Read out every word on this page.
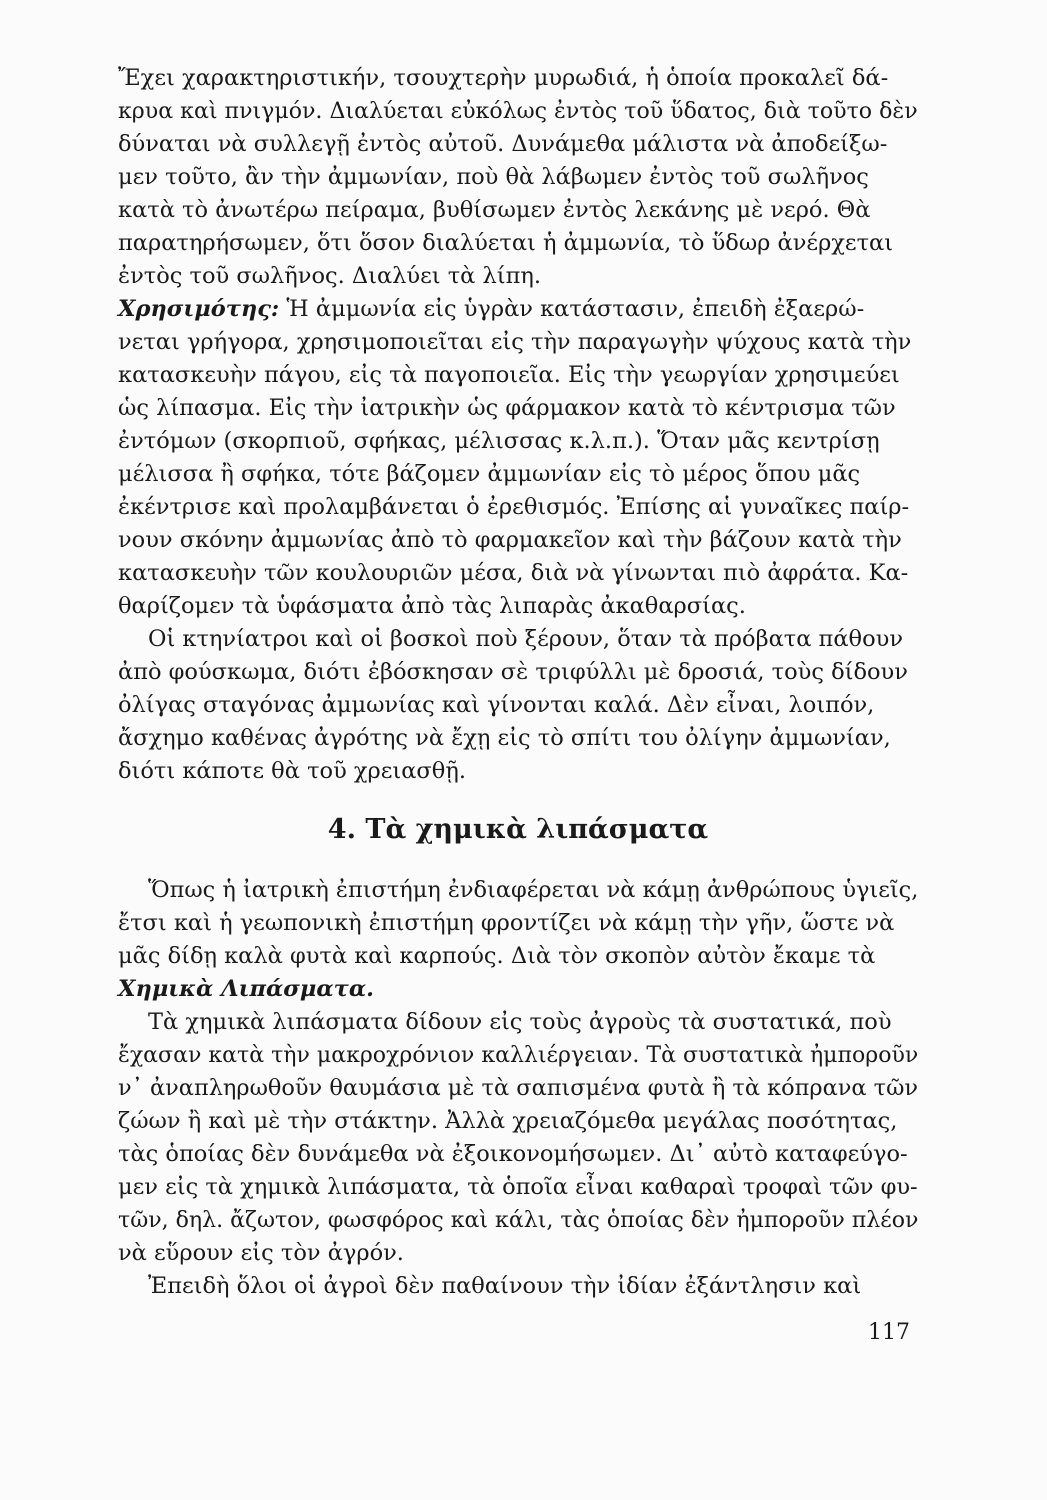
Ἔχει χαρακτηριστικήν, τσουχτερὴν μυρωδιά, ἡ ὁποία προκαλεῖ δά-
κρυα καὶ πνιγμόν. Διαλύεται εὐκόλως ἐντὸς τοῦ ὕδατος, διὰ τοῦτο δὲν
δύναται νὰ συλλεγῇ ἐντὸς αὐτοῦ. Δυνάμεθα μάλιστα νὰ ἀποδείξω-
μεν τοῦτο, ἂν τὴν ἀμμωνίαν, ποὺ θὰ λάβωμεν ἐντὸς τοῦ σωλῆνος
κατὰ τὸ ἀνωτέρω πείραμα, βυθίσωμεν ἐντὸς λεκάνης μὲ νερό. Θὰ
παρατηρήσωμεν, ὅτι ὅσον διαλύεται ἡ ἀμμωνία, τὸ ὕδωρ ἀνέρχεται
ἐντὸς τοῦ σωλῆνος. Διαλύει τὰ λίπη.
Χρησιμότης: Ἡ ἀμμωνία εἰς ὑγρὰν κατάστασιν, ἐπειδὴ ἐξαερώ-
νεται γρήγορα, χρησιμοποιεῖται εἰς τὴν παραγωγὴν ψύχους κατὰ τὴν
κατασκευὴν πάγου, εἰς τὰ παγοποιεῖα. Εἰς τὴν γεωργίαν χρησιμεύει
ὡς λίπασμα. Εἰς τὴν ἰατρικὴν ὡς φάρμακον κατὰ τὸ κέντρισμα τῶν
ἐντόμων (σκορπιοῦ, σφήκας, μέλισσας κ.λ.π.). Ὅταν μᾶς κεντρίσῃ
μέλισσα ἢ σφήκα, τότε βάζομεν ἀμμωνίαν εἰς τὸ μέρος ὅπου μᾶς
ἐκέντρισε καὶ προλαμβάνεται ὁ ἐρεθισμός. Ἐπίσης αἱ γυναῖκες παίρ-
νουν σκόνην ἀμμωνίας ἀπὸ τὸ φαρμακεῖον καὶ τὴν βάζουν κατὰ τὴν
κατασκευὴν τῶν κουλουριῶν μέσα, διὰ νὰ γίνωνται πιὸ ἀφράτα. Κα-
θαρίζομεν τὰ ὑφάσματα ἀπὸ τὰς λιπαρὰς ἀκαθαρσίας.
Οἱ κτηνίατροι καὶ οἱ βοσκοὶ ποὺ ξέρουν, ὅταν τὰ πρόβατα πάθουν
ἀπὸ φούσκωμα, διότι ἐβόσκησαν σὲ τριφύλλι μὲ δροσιά, τοὺς δίδουν
ὀλίγας σταγόνας ἀμμωνίας καὶ γίνονται καλά. Δὲν εἶναι, λοιπόν,
ἄσχημο καθένας ἀγρότης νὰ ἔχῃ εἰς τὸ σπίτι του ὀλίγην ἀμμωνίαν,
διότι κάποτε θὰ τοῦ χρειασθῇ.
4. Τὰ χημικὰ λιπάσματα
Ὅπως ἡ ἰατρικὴ ἐπιστήμη ἐνδιαφέρεται νὰ κάμῃ ἀνθρώπους ὑγιεῖς,
ἔτσι καὶ ἡ γεωπονικὴ ἐπιστήμη φροντίζει νὰ κάμῃ τὴν γῆν, ὥστε νὰ
μᾶς δίδῃ καλὰ φυτὰ καὶ καρπούς. Διὰ τὸν σκοπὸν αὐτὸν ἔκαμε τὰ
Χημικὰ Λιπάσματα.
Τὰ χημικὰ λιπάσματα δίδουν εἰς τοὺς ἀγροὺς τὰ συστατικά, ποὺ
ἔχασαν κατὰ τὴν μακροχρόνιον καλλιέργειαν. Τὰ συστατικὰ ἠμποροῦν
ν᾽ ἀναπληρωθοῦν θαυμάσια μὲ τὰ σαπισμένα φυτὰ ἢ τὰ κόπρανα τῶν
ζώων ἢ καὶ μὲ τὴν στάκτην. Ἀλλὰ χρειαζόμεθα μεγάλας ποσότητας,
τὰς ὁποίας δὲν δυνάμεθα νὰ ἐξοικονομήσωμεν. Δι᾽ αὐτὸ καταφεύγο-
μεν εἰς τὰ χημικὰ λιπάσματα, τὰ ὁποῖα εἶναι καθαραὶ τροφαὶ τῶν φυ-
τῶν, δηλ. ἄζωτον, φωσφόρος καὶ κάλι, τὰς ὁποίας δὲν ἠμποροῦν πλέον
νὰ εὕρουν εἰς τὸν ἀγρόν.
Ἐπειδὴ ὅλοι οἱ ἀγροὶ δὲν παθαίνουν τὴν ἰδίαν ἐξάντλησιν καὶ
117
